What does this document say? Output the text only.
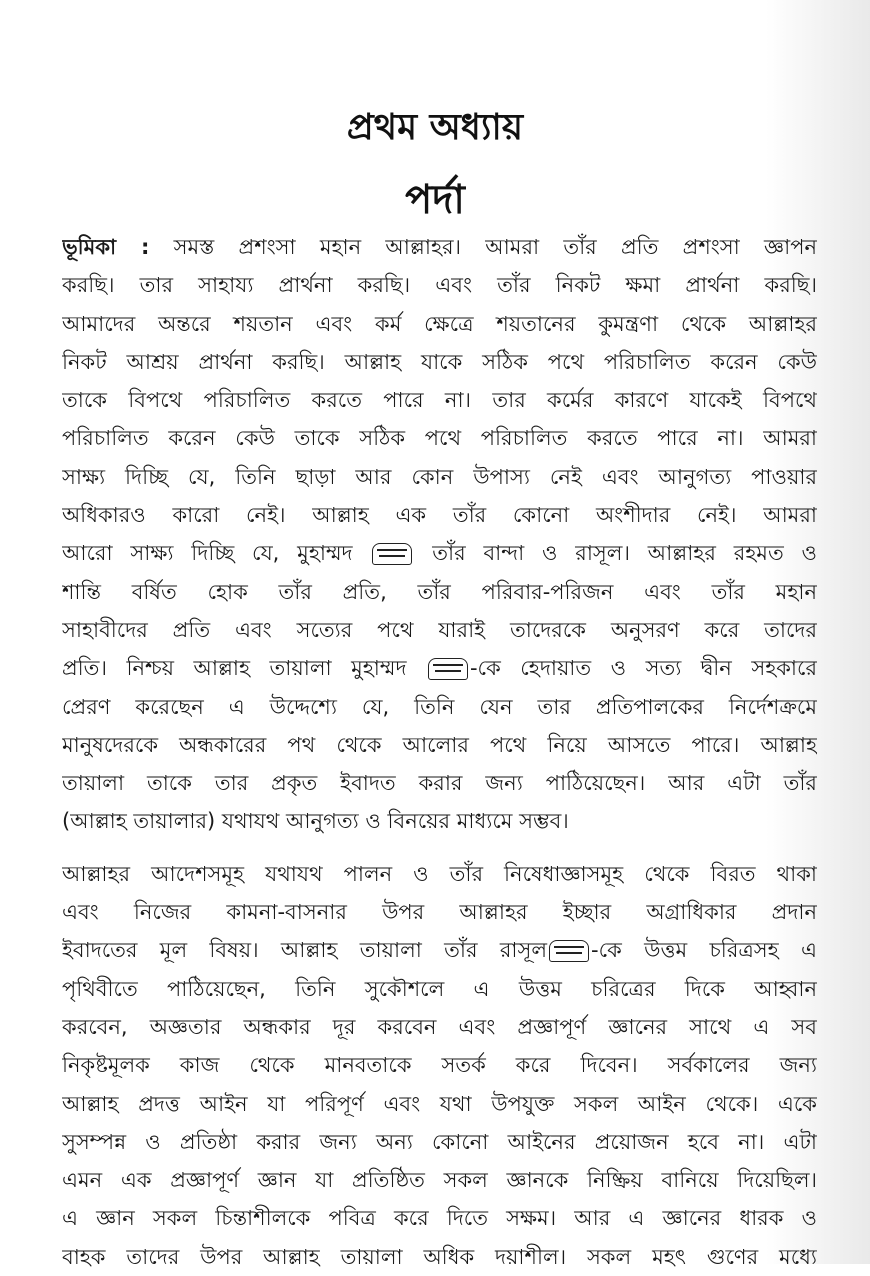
প্রথম অধ্যায়
পর্দা
ভূমিকা : সমস্ত প্রশংসা মহান আল্লাহর। আমরা তাঁর প্রতি প্রশংসা জ্ঞাপন
করছি। তার সাহায্য প্রার্থনা করছি। এবং তাঁর নিকট ক্ষমা প্রার্থনা করছি।
আমাদের অন্তরে শয়তান এবং কর্ম ক্ষেত্রে শয়তানের কুমন্ত্রণা থেকে আল্লাহর
নিকট আশ্রয় প্রার্থনা করছি। আল্লাহ যাকে সঠিক পথে পরিচালিত করেন কেউ
তাকে বিপথে পরিচালিত করতে পারে না। তার কর্মের কারণে যাকেই বিপথে
পরিচালিত করেন কেউ তাকে সঠিক পথে পরিচালিত করতে পারে না। আমরা
সাক্ষ্য দিচ্ছি যে, তিনি ছাড়া আর কোন উপাস্য নেই এবং আনুগত্য পাওয়ার
অধিকারও কারো নেই। আল্লাহ এক তাঁর কোনো অংশীদার নেই। আমরা
আরো সাক্ষ্য দিচ্ছি যে, মুহাম্মদ  তাঁর বান্দা ও রাসূল। আল্লাহর রহমত ও
শান্তি বর্ষিত হোক তাঁর প্রতি, তাঁর পরিবার-পরিজন এবং তাঁর মহান
সাহাবীদের প্রতি এবং সত্যের পথে যারাই তাদেরকে অনুসরণ করে তাদের
প্রতি। নিশ্চয় আল্লাহ তায়ালা মুহাম্মদ -কে হেদায়াত ও সত্য দ্বীন সহকারে
প্রেরণ করেছেন এ উদ্দেশ্যে যে, তিনি যেন তার প্রতিপালকের নির্দেশক্রমে
মানুষদেরকে অন্ধকারের পথ থেকে আলোর পথে নিয়ে আসতে পারে। আল্লাহ
তায়ালা তাকে তার প্রকৃত ইবাদত করার জন্য পাঠিয়েছেন। আর এটা তাঁর
(আল্লাহ তায়ালার) যথাযথ আনুগত্য ও বিনয়ের মাধ্যমে সম্ভব।
আল্লাহর আদেশসমূহ যথাযথ পালন ও তাঁর নিষেধাজ্ঞাসমূহ থেকে বিরত থাকা
এবং নিজের কামনা-বাসনার উপর আল্লাহর ইচ্ছার অগ্রাধিকার প্রদান
ইবাদতের মূল বিষয়। আল্লাহ তায়ালা তাঁর রাসূল -কে উত্তম চরিত্রসহ এ
পৃথিবীতে পাঠিয়েছেন, তিনি সুকৌশলে এ উত্তম চরিত্রের দিকে আহ্বান
করবেন, অজ্ঞতার অন্ধকার দূর করবেন এবং প্রজ্ঞাপূর্ণ জ্ঞানের সাথে এ সব
নিকৃষ্টমূলক কাজ থেকে মানবতাকে সতর্ক করে দিবেন। সর্বকালের জন্য
আল্লাহ প্রদত্ত আইন যা পরিপূর্ণ এবং যথা উপযুক্ত সকল আইন থেকে। একে
সুসম্পন্ন ও প্রতিষ্ঠা করার জন্য অন্য কোনো আইনের প্রয়োজন হবে না। এটা
এমন এক প্রজ্ঞাপূর্ণ জ্ঞান যা প্রতিষ্ঠিত সকল জ্ঞানকে নিষ্ক্রিয় বানিয়ে দিয়েছিল।
এ জ্ঞান সকল চিন্তাশীলকে পবিত্র করে দিতে সক্ষম। আর এ জ্ঞানের ধারক ও
বাহক তাদের উপর আল্লাহ তায়ালা অধিক দয়াশীল। সকল মহৎ গুণের মধ্যে
